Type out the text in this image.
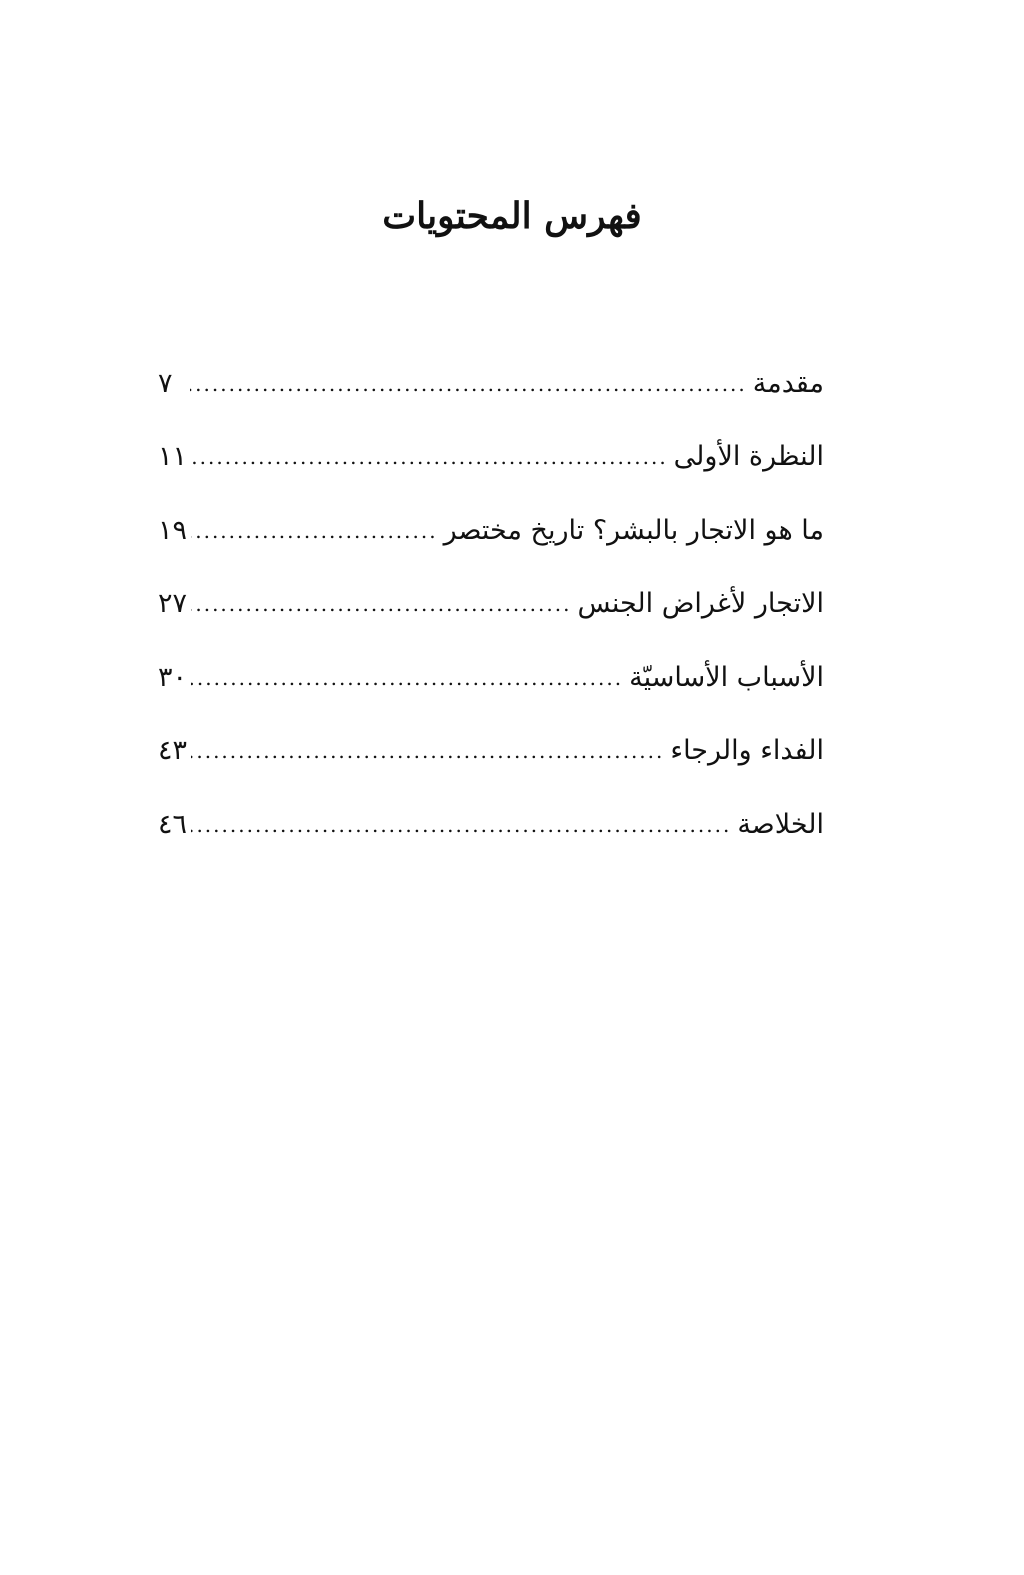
فهرس المحتويات
مقدمة
.....
٧
النظرة الأولى
.....
١١
ما هو الاتجار بالبشر؟ تاريخ مختصر
.....
١٩
الاتجار لأغراض الجنس
.....
٢٧
الأسباب الأساسيّة
.....
٣٠
الفداء والرجاء
.....
٤٣
الخلاصة
.....
٤٦
